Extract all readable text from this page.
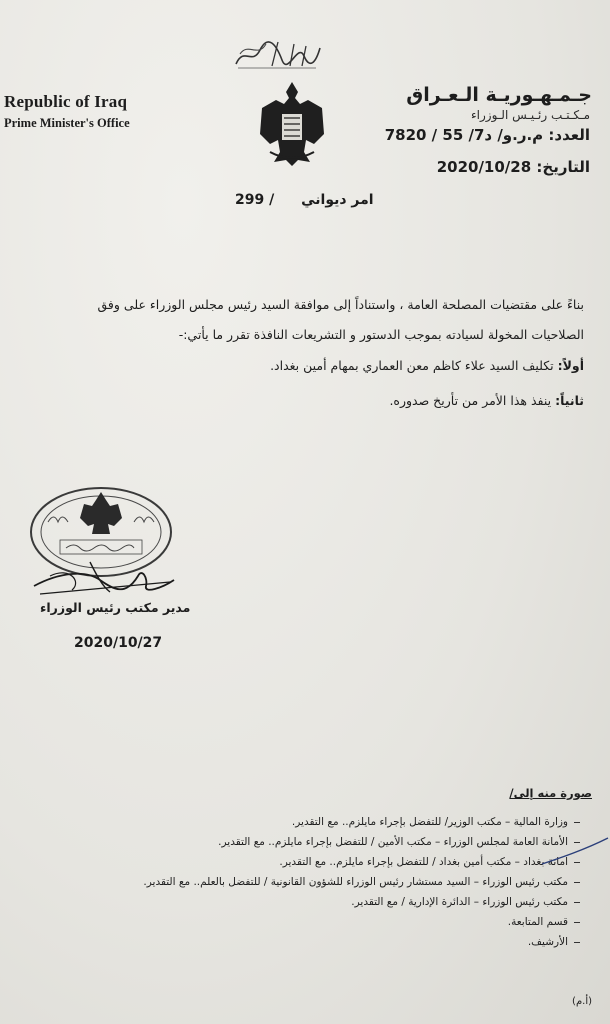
Republic of Iraq
Prime Minister's Office
جـمـهـوريـة الـعـراق
مـكـتـب رئـيـس الـوزراء
العدد: م.ر.و/ د7/ 55 / 7820
التاريخ: 2020/10/28
امر ديواني / 299
بناءً على مقتضيات المصلحة العامة ، واستناداً إلى موافقة السيد رئيس مجلس الوزراء على وفق
الصلاحيات المخولة لسيادته بموجب الدستور و التشريعات النافذة تقرر ما يأتي:-
أولاً: تكليف السيد علاء كاظم معن العماري بمهام أمين بغداد.
ثانياً: ينفذ هذا الأمر من تأريخ صدوره.
مدير مكتب رئيس الوزراء
2020/10/27
صورة منه إلى/
وزارة المالية – مكتب الوزير/ للتفضل بإجراء مايلزم.. مع التقدير.
الأمانة العامة لمجلس الوزراء – مكتب الأمين / للتفضل بإجراء مايلزم.. مع التقدير.
امانة بغداد – مكتب أمين بغداد / للتفضل بإجراء مايلزم.. مع التقدير.
مكتب رئيس الوزراء – السيد مستشار رئيس الوزراء للشؤون القانونية / للتفضل بالعلم.. مع التقدير.
مكتب رئيس الوزراء – الدائرة الإدارية / مع التقدير.
قسم المتابعة.
الأرشيف.
(أ.م)
